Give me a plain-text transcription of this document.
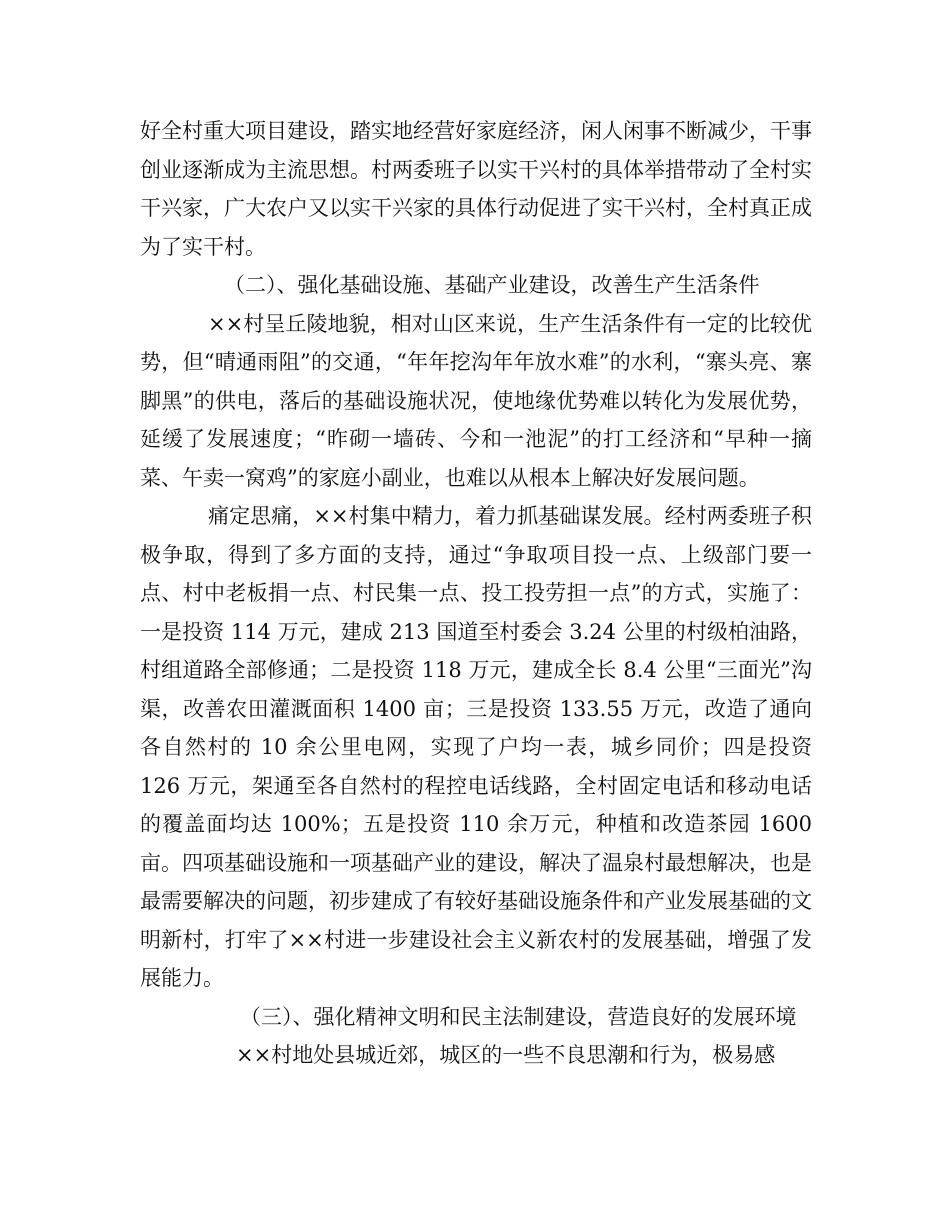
好全村重大项目建设，踏实地经营好家庭经济，闲人闲事不断减少，干事创业逐渐成为主流思想。村两委班子以实干兴村的具体举措带动了全村实干兴家，广大农户又以实干兴家的具体行动促进了实干兴村，全村真正成为了实干村。

（二）、强化基础设施、基础产业建设，改善生产生活条件

××村呈丘陵地貌，相对山区来说，生产生活条件有一定的比较优势，但“晴通雨阻”的交通，“年年挖沟年年放水难”的水利，“寨头亮、寨脚黑”的供电，落后的基础设施状况，使地缘优势难以转化为发展优势，延缓了发展速度；“昨砌一墙砖、今和一池泥”的打工经济和“早种一摘菜、午卖一窝鸡”的家庭小副业，也难以从根本上解决好发展问题。

痛定思痛，××村集中精力，着力抓基础谋发展。经村两委班子积极争取，得到了多方面的支持，通过“争取项目投一点、上级部门要一点、村中老板捐一点、村民集一点、投工投劳担一点”的方式，实施了：一是投资 114 万元，建成 213 国道至村委会 3.24 公里的村级柏油路，村组道路全部修通；二是投资 118 万元，建成全长 8.4 公里“三面光”沟渠，改善农田灌溉面积 1400 亩；三是投资 133.55 万元，改造了通向各自然村的 10 余公里电网，实现了户均一表，城乡同价；四是投资 126 万元，架通至各自然村的程控电话线路，全村固定电话和移动电话的覆盖面均达 100%；五是投资 110 余万元，种植和改造茶园 1600 亩。四项基础设施和一项基础产业的建设，解决了温泉村最想解决，也是最需要解决的问题，初步建成了有较好基础设施条件和产业发展基础的文明新村，打牢了××村进一步建设社会主义新农村的发展基础，增强了发展能力。

（三）、强化精神文明和民主法制建设，营造良好的发展环境

××村地处县城近郊，城区的一些不良思潮和行为，极易感
